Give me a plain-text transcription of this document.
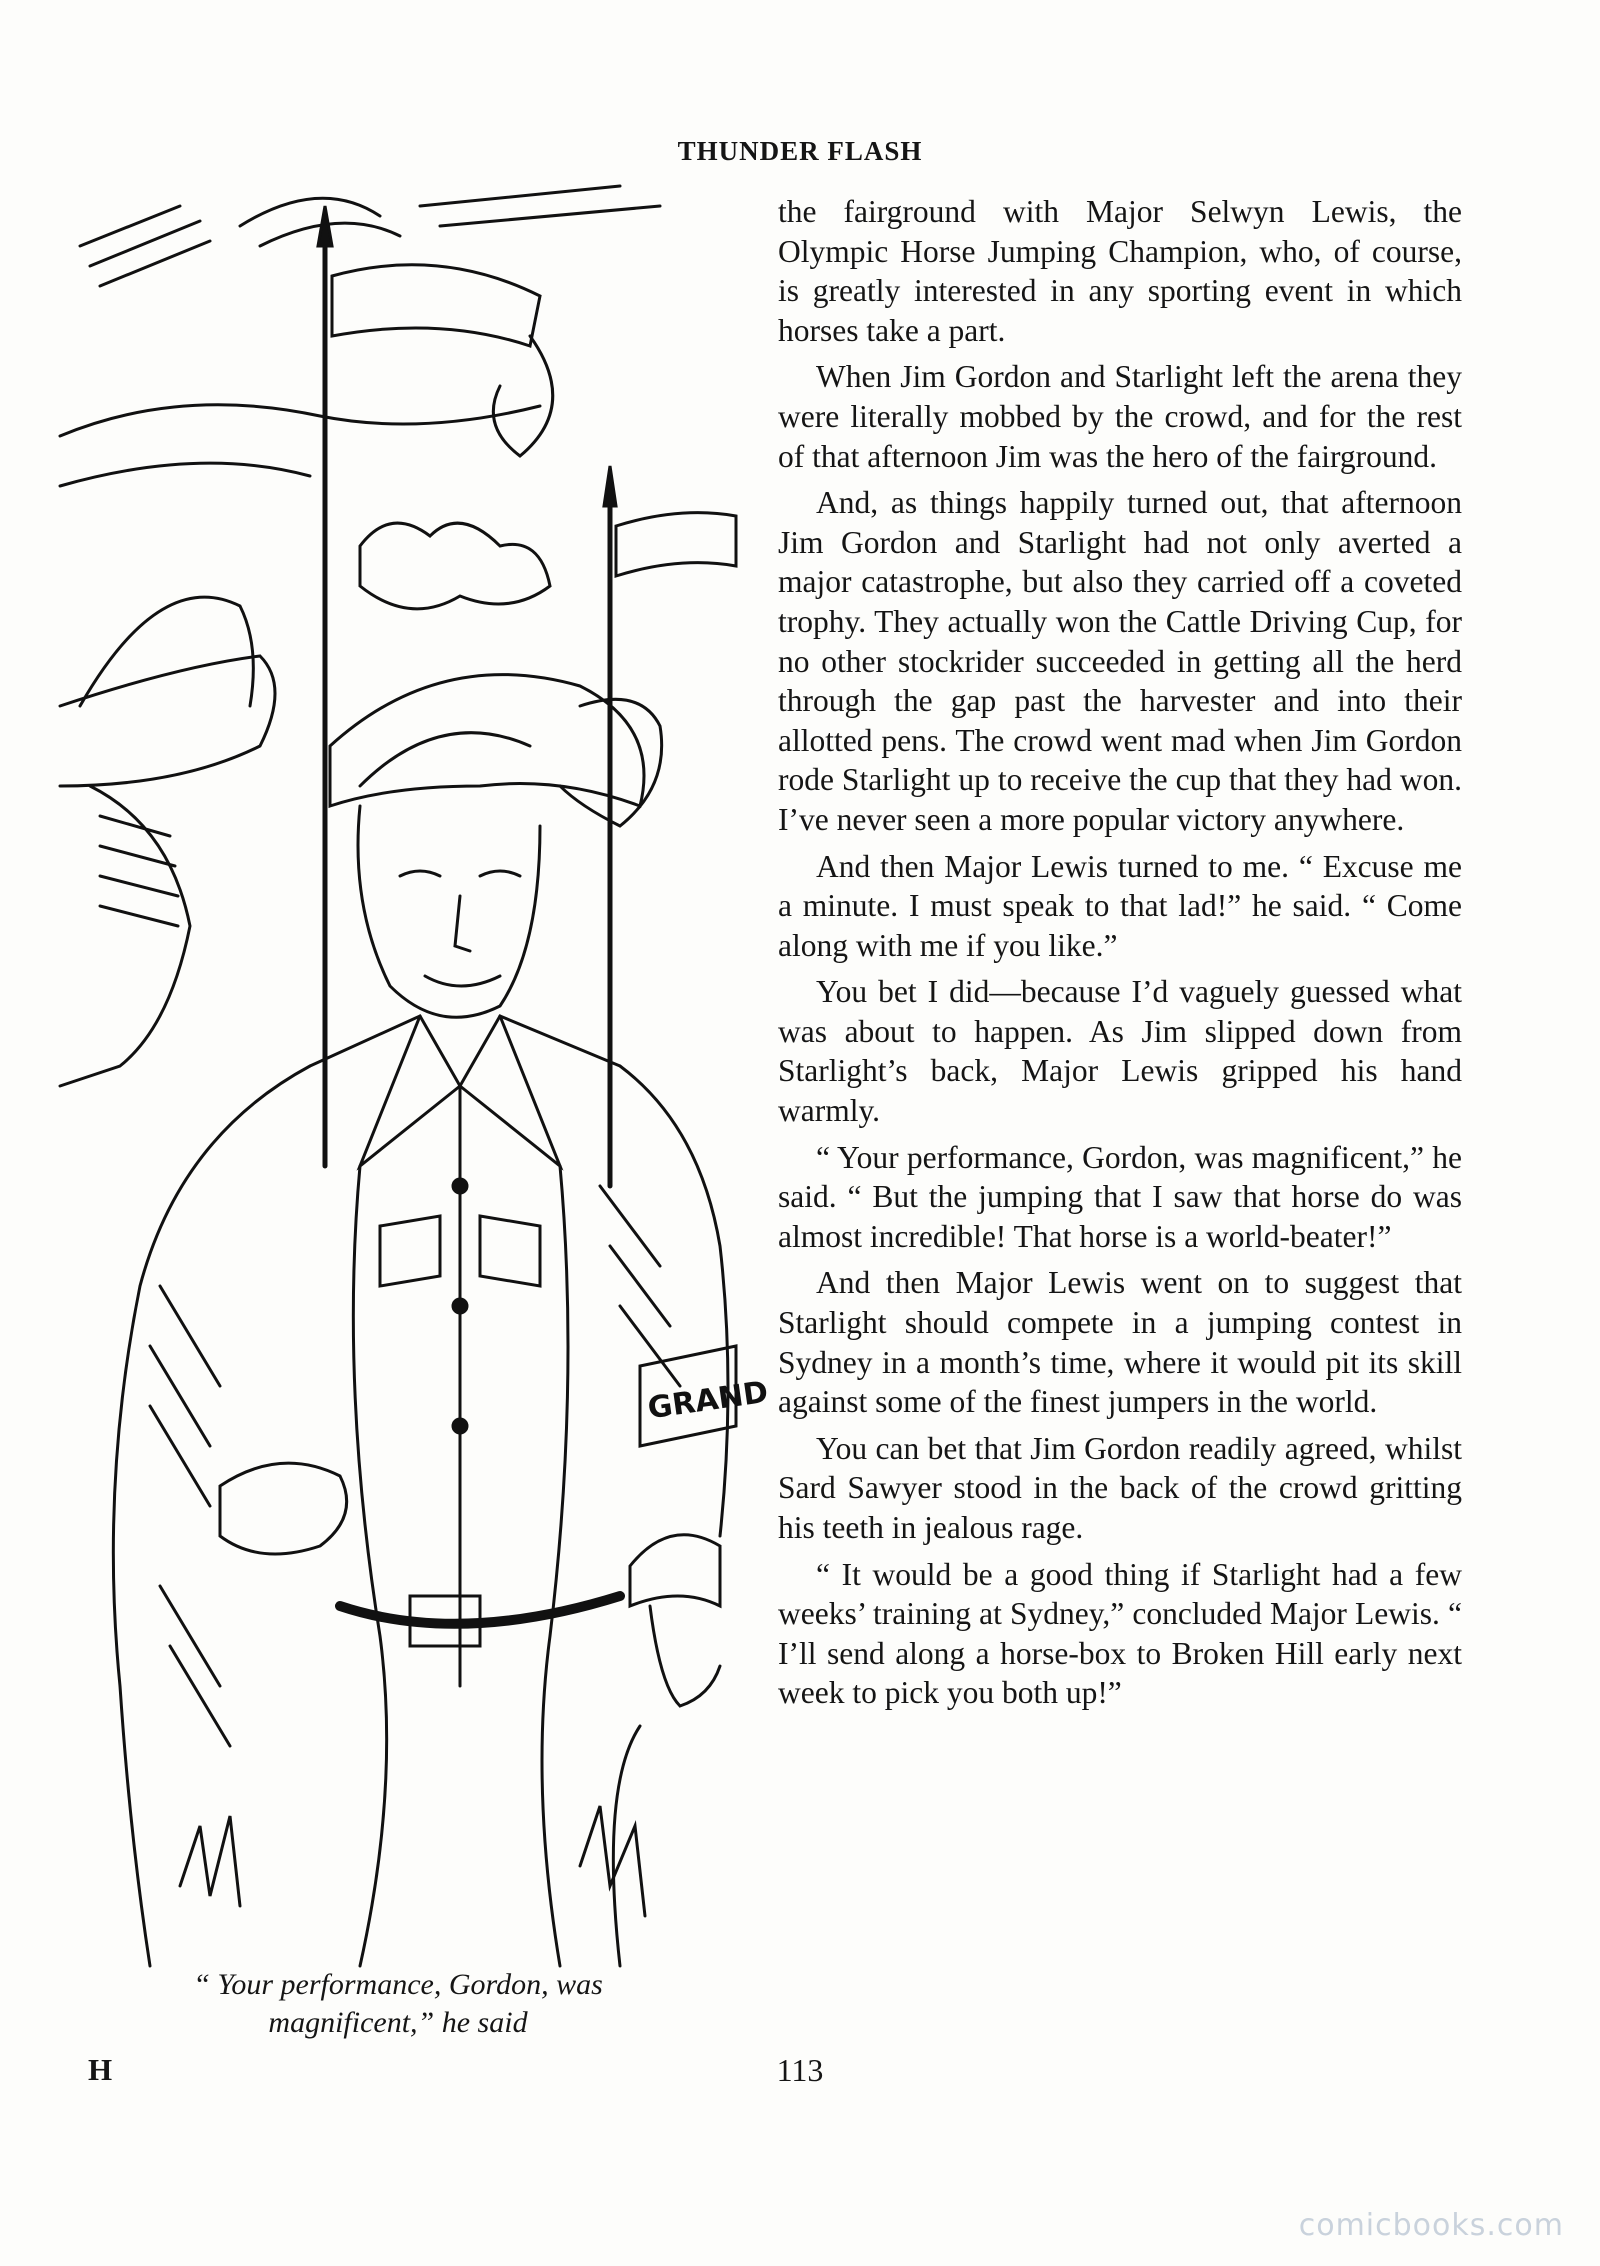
THUNDER FLASH
GRAND
“ Your performance, Gordon, was
magnificent,” he said

the fairground with Major Selwyn Lewis, the Olympic Horse Jumping Champion, who, of course, is greatly interested in any sporting event in which horses take a part.

When Jim Gordon and Starlight left the arena they were literally mobbed by the crowd, and for the rest of that afternoon Jim was the hero of the fairground.

And, as things happily turned out, that afternoon Jim Gordon and Starlight had not only averted a major catastrophe, but also they carried off a coveted trophy. They actually won the Cattle Driving Cup, for no other stockrider succeeded in getting all the herd through the gap past the harvester and into their allotted pens. The crowd went mad when Jim Gordon rode Starlight up to receive the cup that they had won. I’ve never seen a more popular victory anywhere.

And then Major Lewis turned to me. “ Excuse me a minute. I must speak to that lad!” he said. “ Come along with me if you like.”

You bet I did—because I’d vaguely guessed what was about to happen. As Jim slipped down from Starlight’s back, Major Lewis gripped his hand warmly.

“ Your performance, Gordon, was magnificent,” he said. “ But the jumping that I saw that horse do was almost incredible! That horse is a world-beater!”

And then Major Lewis went on to suggest that Starlight should compete in a jumping contest in Sydney in a month’s time, where it would pit its skill against some of the finest jumpers in the world.

You can bet that Jim Gordon readily agreed, whilst Sard Sawyer stood in the back of the crowd gritting his teeth in jealous rage.

“ It would be a good thing if Starlight had a few weeks’ training at Sydney,” concluded Major Lewis. “ I’ll send along a horse-box to Broken Hill early next week to pick you both up!”

H	113
comicbooks.com
